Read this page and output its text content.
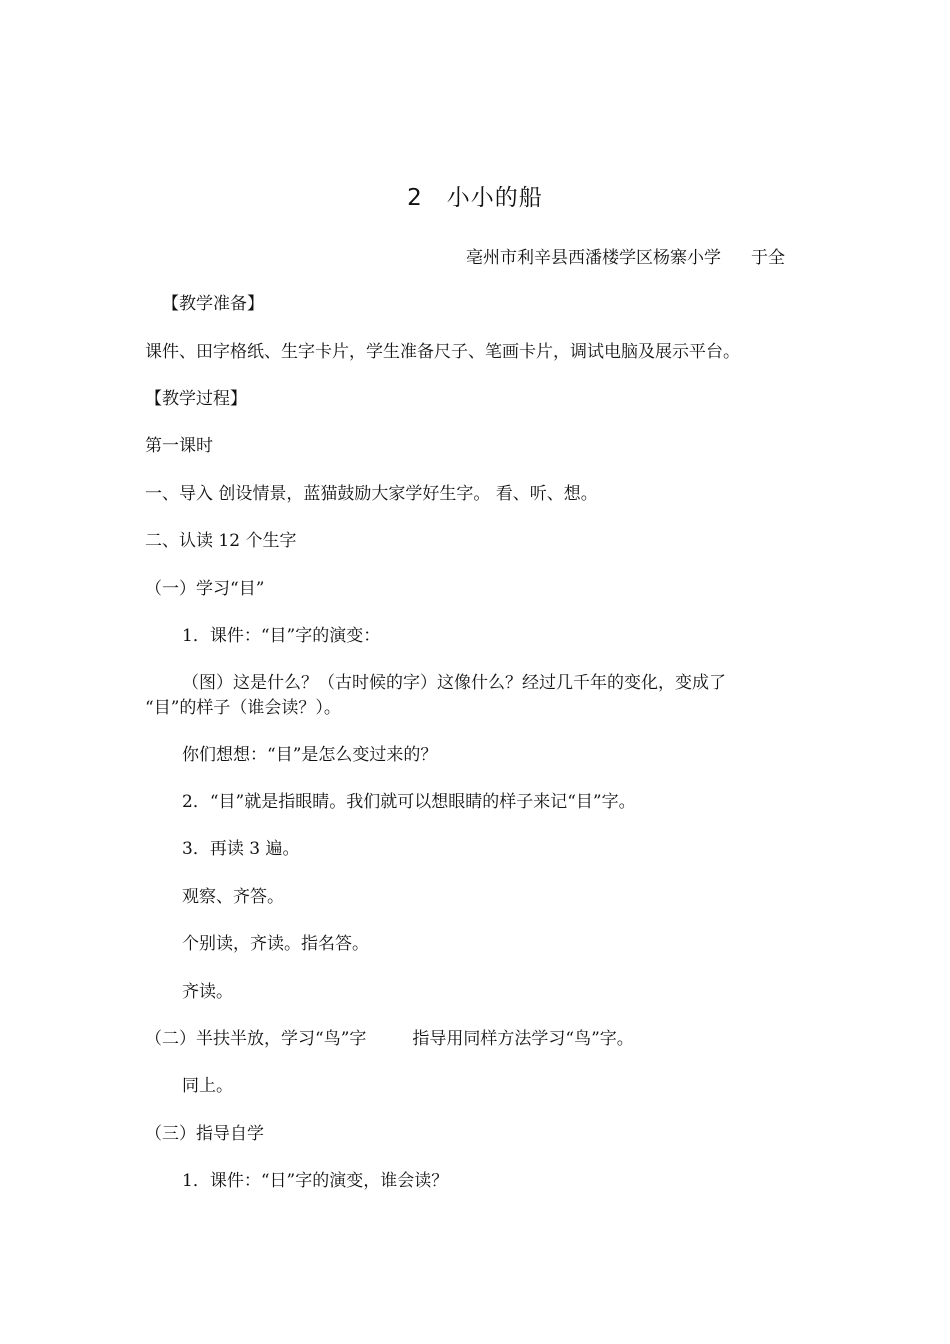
2　小小的船
亳州市利辛县西潘楼学区杨寨小学 于全
【教学准备】
课件、田字格纸、生字卡片，学生准备尺子、笔画卡片，调试电脑及展示平台。
【教学过程】
第一课时
一、导入 创设情景，蓝猫鼓励大家学好生字。 看、听、想。
二、认读 12 个生字
（一）学习“目”
1．课件：“目”字的演变：
（图）这是什么？（古时候的字）这像什么？经过几千年的变化，变成了
“目”的样子（谁会读？）。
你们想想：“目”是怎么变过来的？
2．“目”就是指眼睛。我们就可以想眼睛的样子来记“目”字。
3．再读 3 遍。
观察、齐答。
个别读，齐读。指名答。
齐读。
（二）半扶半放，学习“鸟”字	指导用同样方法学习“鸟”字。
同上。
（三）指导自学
1．课件：“日”字的演变，谁会读？
